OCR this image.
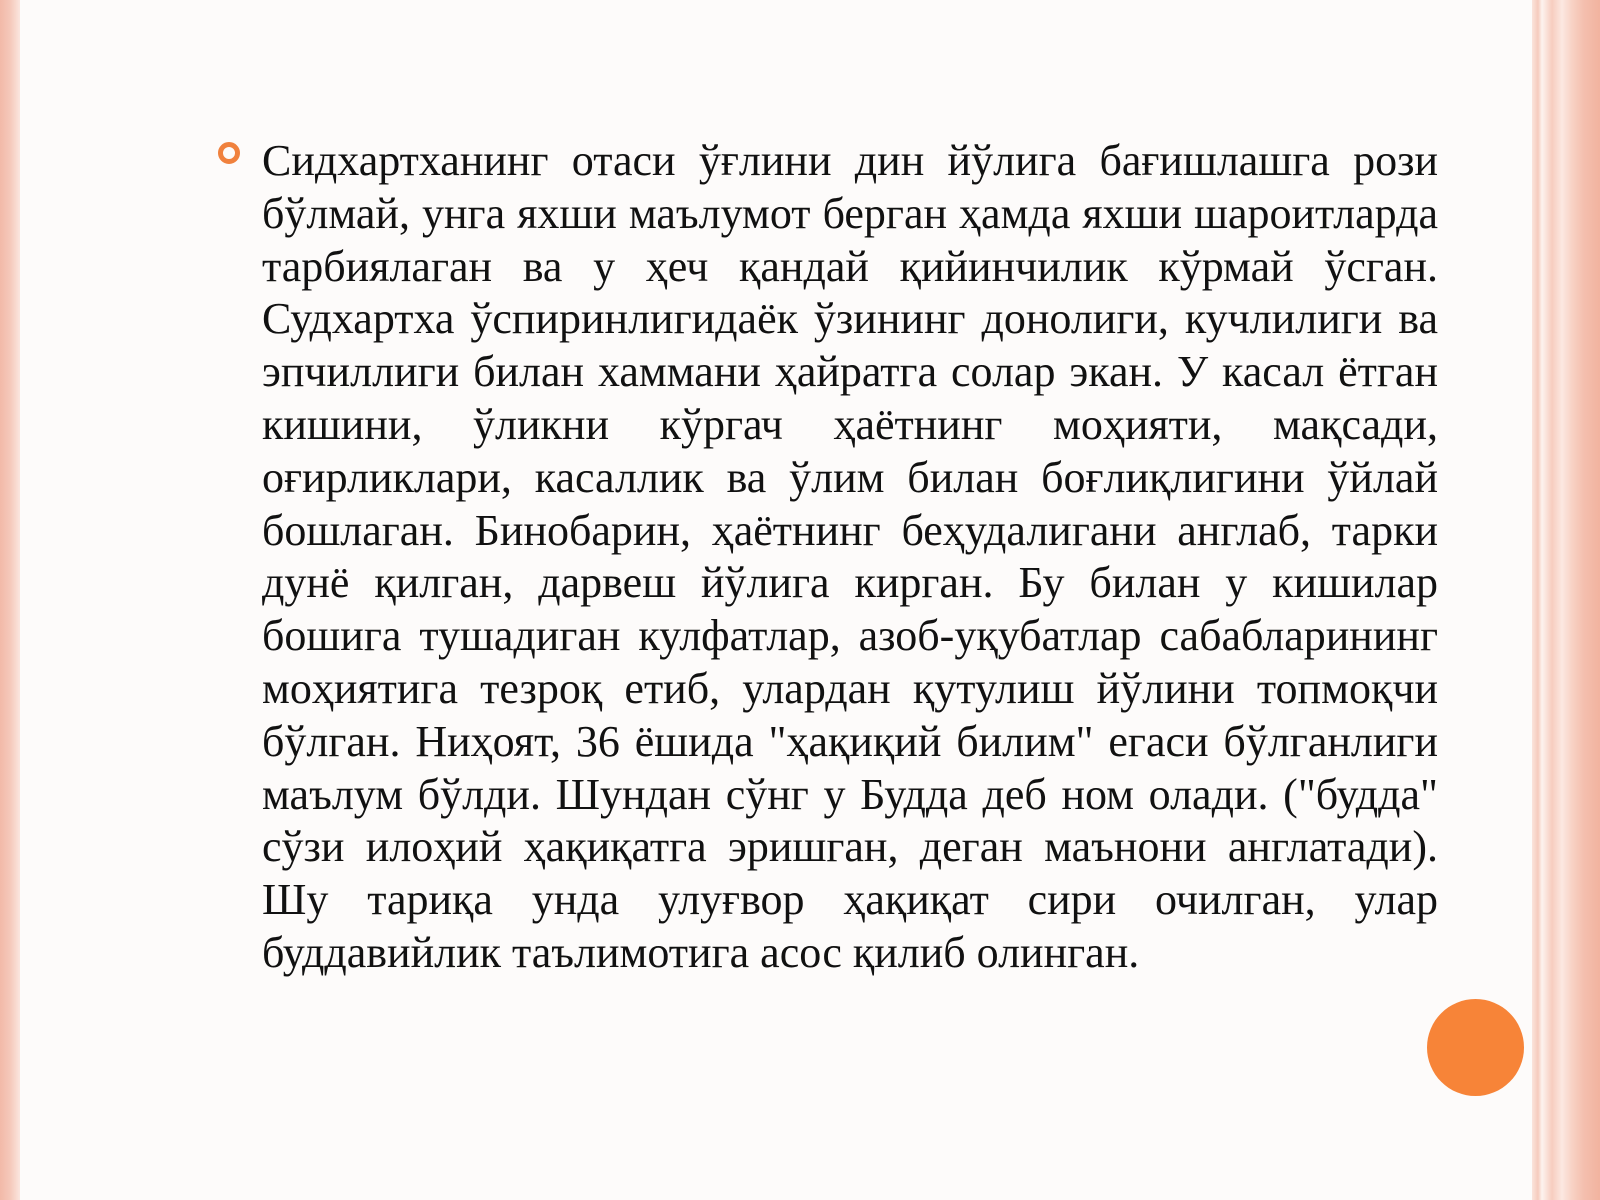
Сидхартханинг отаси ўғлини дин йўлига бағишлашга рози бўлмай, унга яхши маълумот берган ҳамда яхши шароитларда тарбиялаган ва у ҳеч қандай қийинчилик кўрмай ўсган. Судхартха ўспиринлигидаёк ўзининг донолиги, кучлилиги ва эпчиллиги билан хаммани ҳайратга солар экан. У касал ётган кишини, ўликни кўргач ҳаётнинг моҳияти, мақсади, оғирликлари, касаллик ва ўлим билан боғлиқлигини ўйлай бошлаган. Бинобарин, ҳаётнинг беҳудалигани англаб, тарки дунё қилган, дарвеш йўлига кирган. Бу билан у кишилар бошига тушадиган кулфатлар, азоб-уқубатлар сабабларининг моҳиятига тезроқ етиб, улардан қутулиш йўлини топмоқчи бўлган. Ниҳоят, 36 ёшида "ҳақиқий билим" егаси бўлганлиги маълум бўлди. Шундан сўнг у Будда деб ном олади. ("будда" сўзи илоҳий ҳақиқатга эришган, деган маънони англатади). Шу тариқа унда улуғвор ҳақиқат сири очилган, улар буддавийлик таълимотига асос қилиб олинган.
